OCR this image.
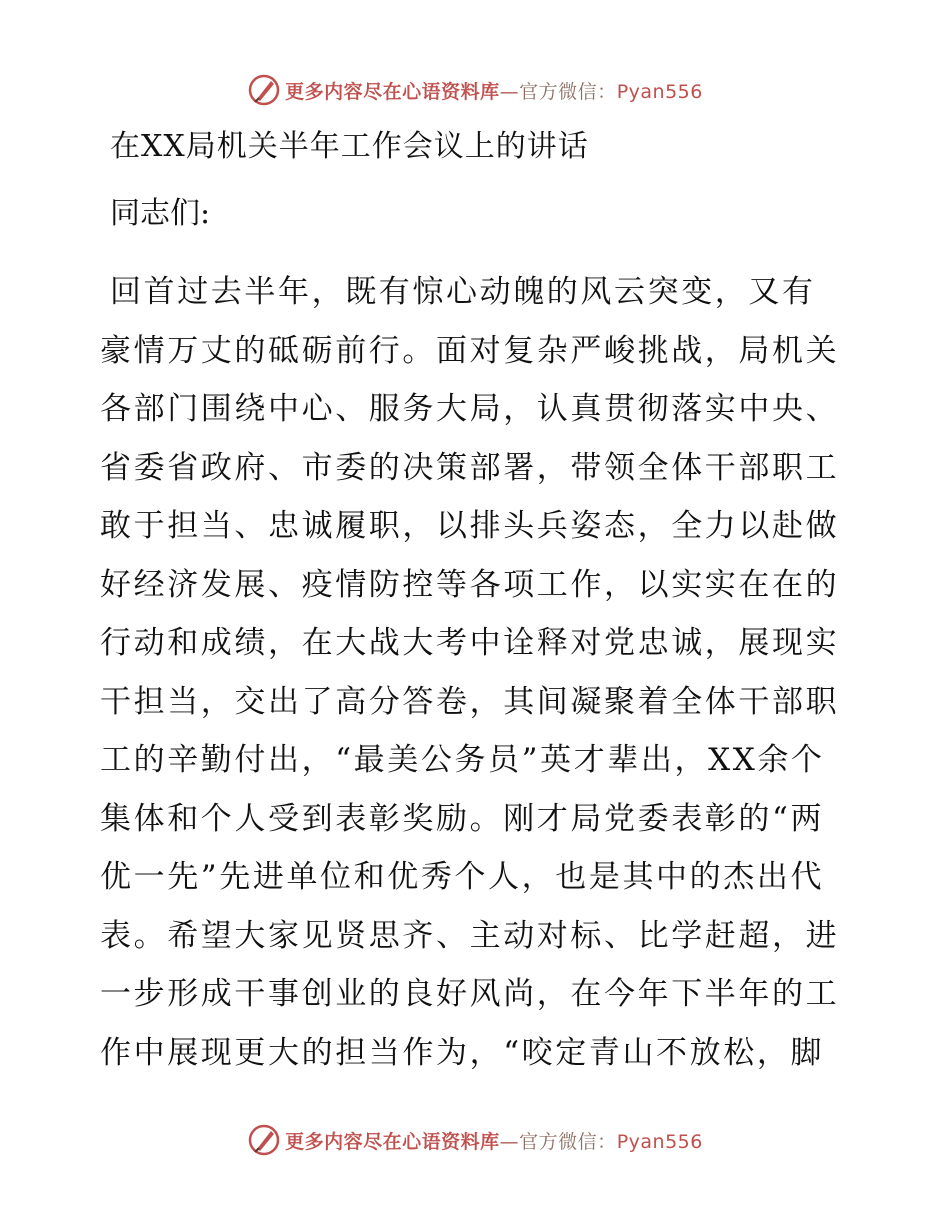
更多内容尽在心语资料库—官方微信：Pyan556
在XX局机关半年工作会议上的讲话

同志们:

回首过去半年，既有惊心动魄的风云突变，又有
豪情万丈的砥砺前行。面对复杂严峻挑战，局机关
各部门围绕中心、服务大局，认真贯彻落实中央、
省委省政府、市委的决策部署，带领全体干部职工
敢于担当、忠诚履职，以排头兵姿态，全力以赴做
好经济发展、疫情防控等各项工作，以实实在在的
行动和成绩，在大战大考中诠释对党忠诚，展现实
干担当，交出了高分答卷，其间凝聚着全体干部职
工的辛勤付出，“最美公务员”英才辈出，XX余个
集体和个人受到表彰奖励。刚才局党委表彰的“两
优一先”先进单位和优秀个人，也是其中的杰出代
表。希望大家见贤思齐、主动对标、比学赶超，进
一步形成干事创业的良好风尚，在今年下半年的工
作中展现更大的担当作为，“咬定青山不放松，脚

更多内容尽在心语资料库—官方微信：Pyan556
